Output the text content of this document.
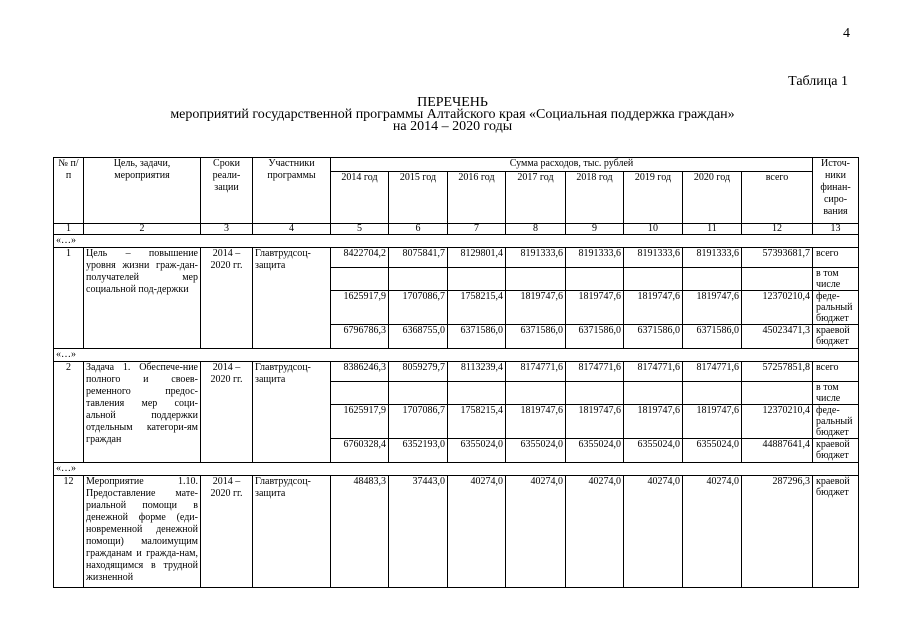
4
Таблица 1
ПЕРЕЧЕНЬ
мероприятий государственной программы Алтайского края «Социальная поддержка граждан»
на 2014 – 2020 годы
№ п/п	Цель, задачи, мероприятия	Сроки реали-зации	Участники программы	Сумма расходов, тыс. рублей								Источ-ники финан-сиро-вания
				2014 год	2015 год	2016 год	2017 год	2018 год	2019 год	2020 год	всего	
1	2	3	4	5	6	7	8	9	10	11	12	13
«…»												
1	Цель – повышение уровня жизни граж-дан-получателей мер социальной под-держки	2014 – 2020 гг.	Главтрудсоц-защита	8422704,2	8075841,7	8129801,4	8191333,6	8191333,6	8191333,6	8191333,6	57393681,7	всего
												в том числе
				1625917,9	1707086,7	1758215,4	1819747,6	1819747,6	1819747,6	1819747,6	12370210,4	феде-ральный бюджет
				6796786,3	6368755,0	6371586,0	6371586,0	6371586,0	6371586,0	6371586,0	45023471,3	краевой бюджет
«…»												
2	Задача 1. Обеспече-ние полного и своев-ременного предос-тавления мер соци-альной поддержки отдельным категори-ям граждан	2014 – 2020 гг.	Главтрудсоц-защита	8386246,3	8059279,7	8113239,4	8174771,6	8174771,6	8174771,6	8174771,6	57257851,8	всего
												в том числе
				1625917,9	1707086,7	1758215,4	1819747,6	1819747,6	1819747,6	1819747,6	12370210,4	феде-ральный бюджет
				6760328,4	6352193,0	6355024,0	6355024,0	6355024,0	6355024,0	6355024,0	44887641,4	краевой бюджет
«…»												
12	Мероприятие 1.10. Предоставление мате-риальной помощи в денежной форме (еди-новременной денежной помощи) малоимущим гражданам и гражда-нам, находящимся в трудной жизненной	2014 – 2020 гг.	Главтрудсоц-защита	48483,3	37443,0	40274,0	40274,0	40274,0	40274,0	40274,0	287296,3	краевой бюджет
